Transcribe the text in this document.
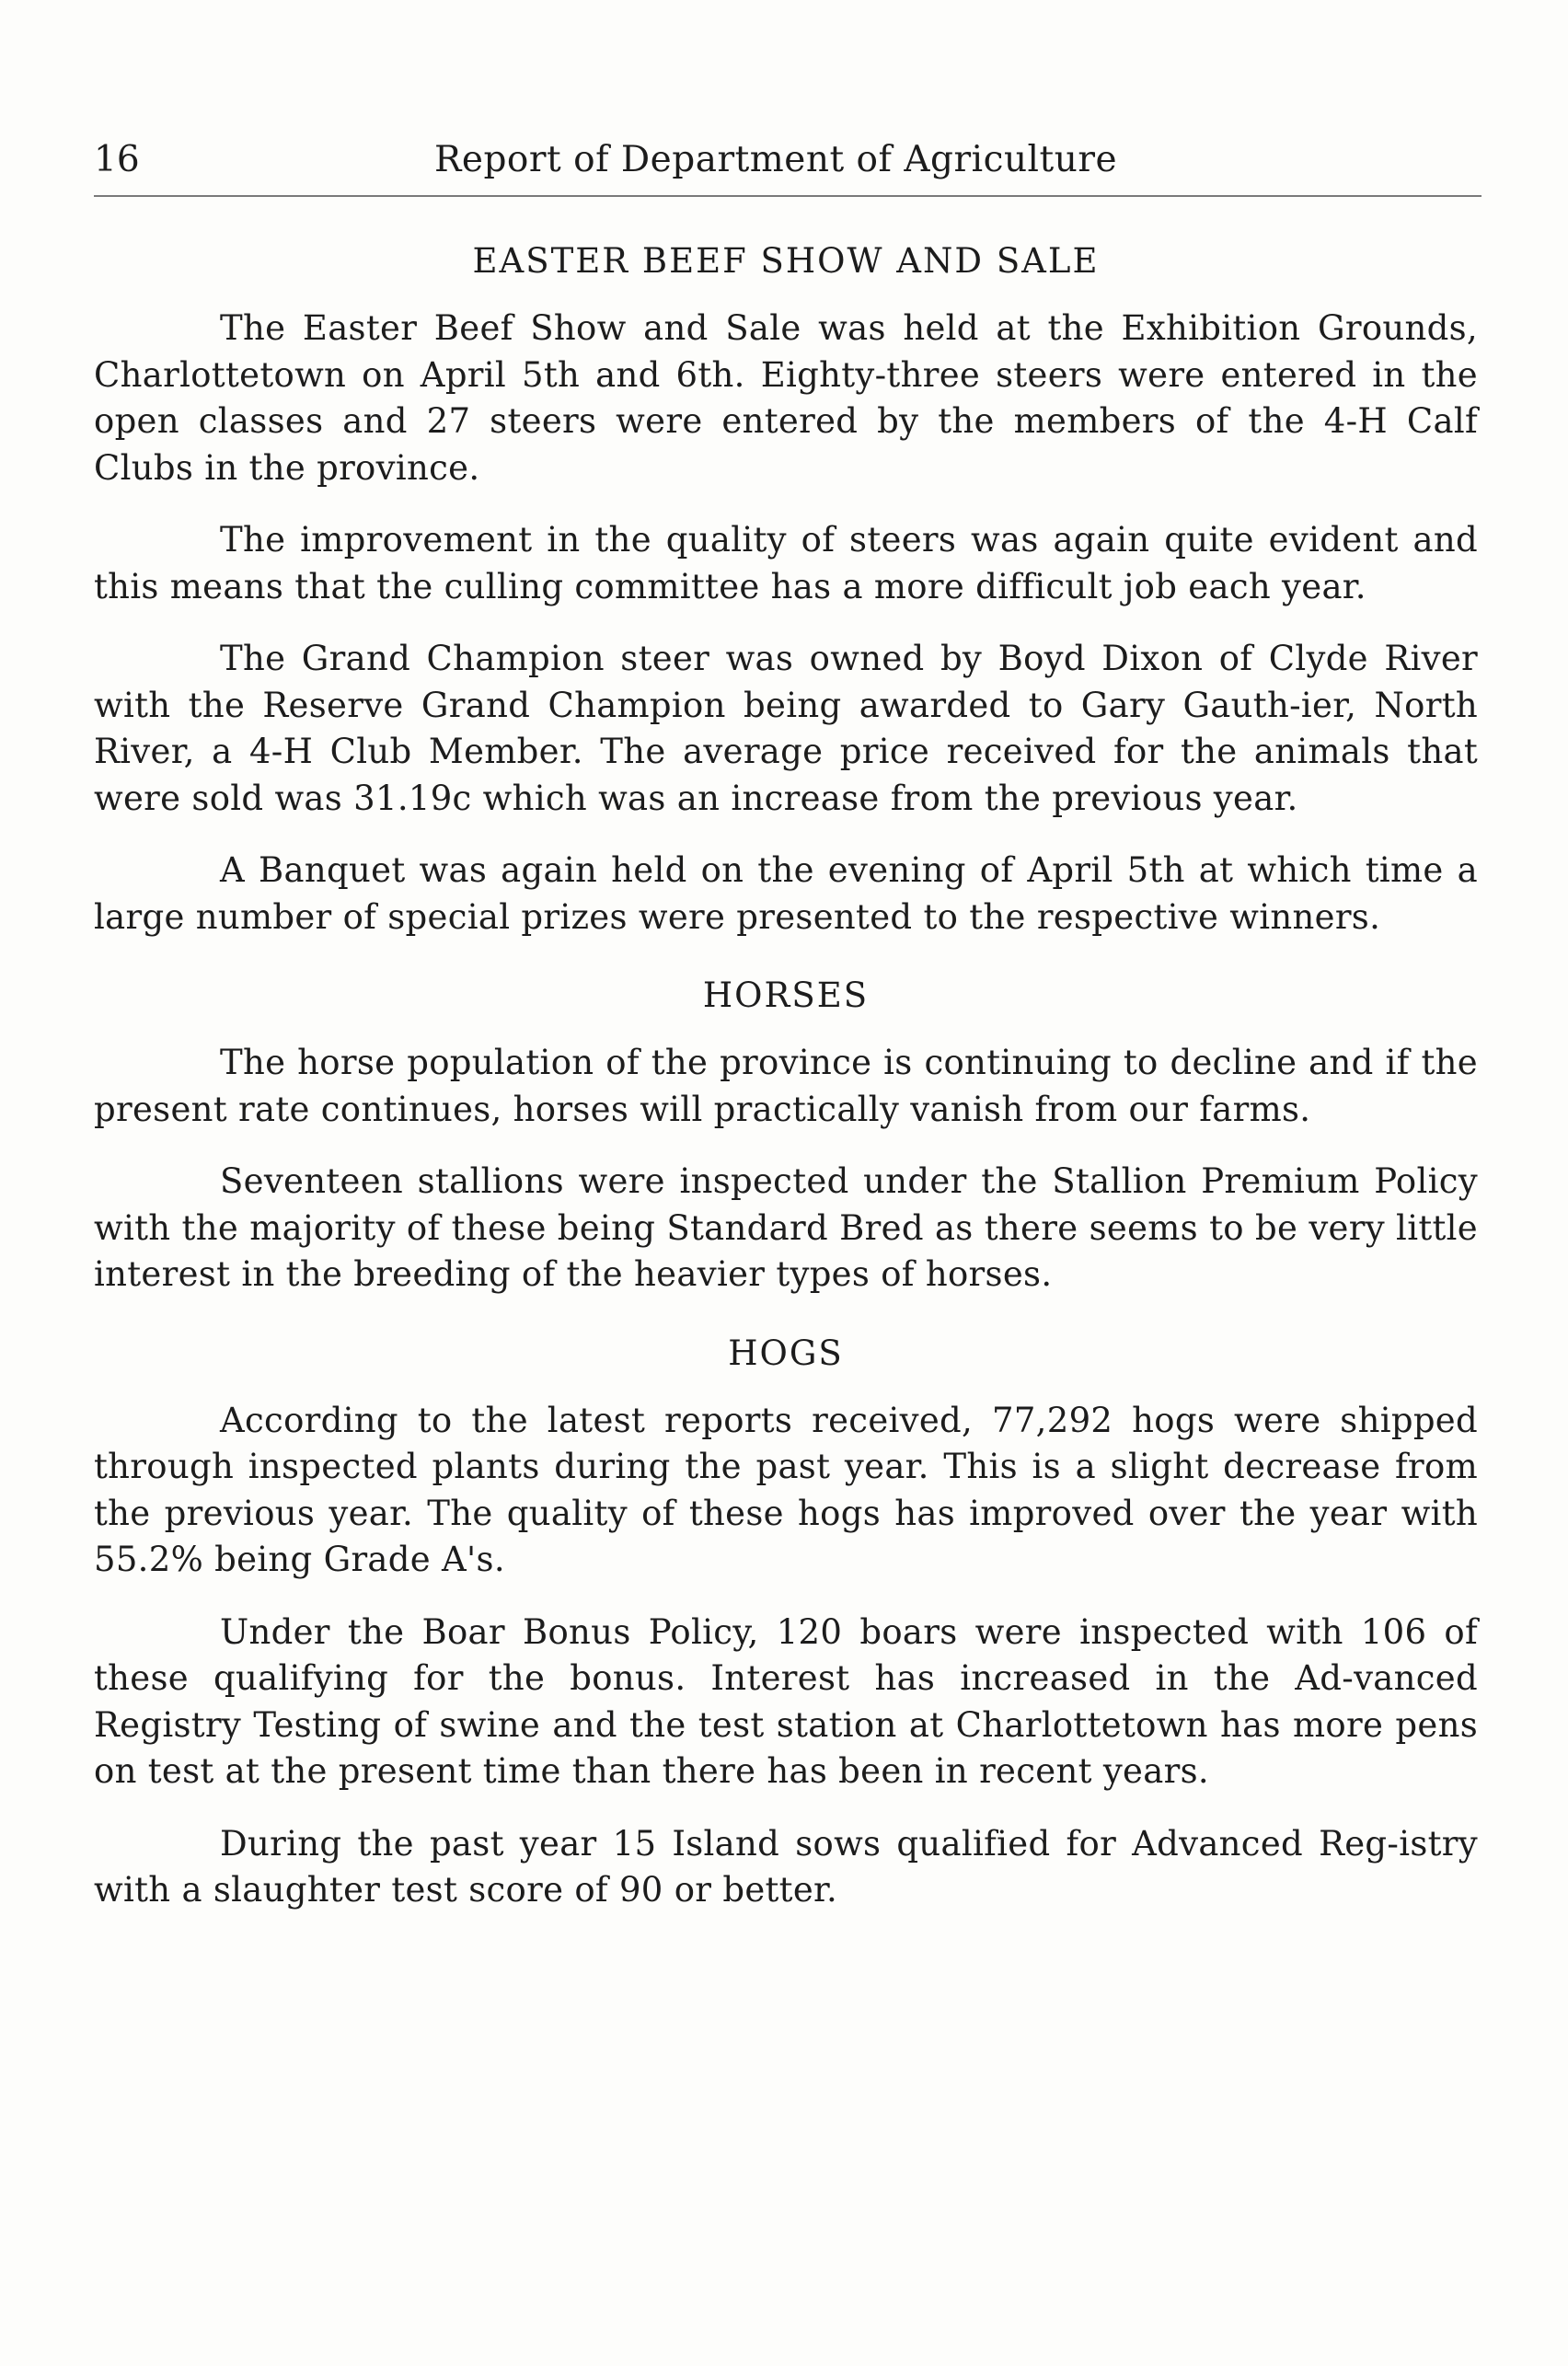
16	Report of Department of Agriculture
EASTER BEEF SHOW AND SALE

The Easter Beef Show and Sale was held at the Exhibition Grounds, Charlottetown on April 5th and 6th. Eighty-three steers were entered in the open classes and 27 steers were entered by the members of the 4-H Calf Clubs in the province.

The improvement in the quality of steers was again quite evident and this means that the culling committee has a more difficult job each year.

The Grand Champion steer was owned by Boyd Dixon of Clyde River with the Reserve Grand Champion being awarded to Gary Gauth-ier, North River, a 4-H Club Member. The average price received for the animals that were sold was 31.19c which was an increase from the previous year.

A Banquet was again held on the evening of April 5th at which time a large number of special prizes were presented to the respective winners.

HORSES

The horse population of the province is continuing to decline and if the present rate continues, horses will practically vanish from our farms.

Seventeen stallions were inspected under the Stallion Premium Policy with the majority of these being Standard Bred as there seems to be very little interest in the breeding of the heavier types of horses.

HOGS

According to the latest reports received, 77,292 hogs were shipped through inspected plants during the past year. This is a slight decrease from the previous year. The quality of these hogs has improved over the year with 55.2% being Grade A's.

Under the Boar Bonus Policy, 120 boars were inspected with 106 of these qualifying for the bonus. Interest has increased in the Ad-vanced Registry Testing of swine and the test station at Charlottetown has more pens on test at the present time than there has been in recent years.

During the past year 15 Island sows qualified for Advanced Reg-istry with a slaughter test score of 90 or better.
